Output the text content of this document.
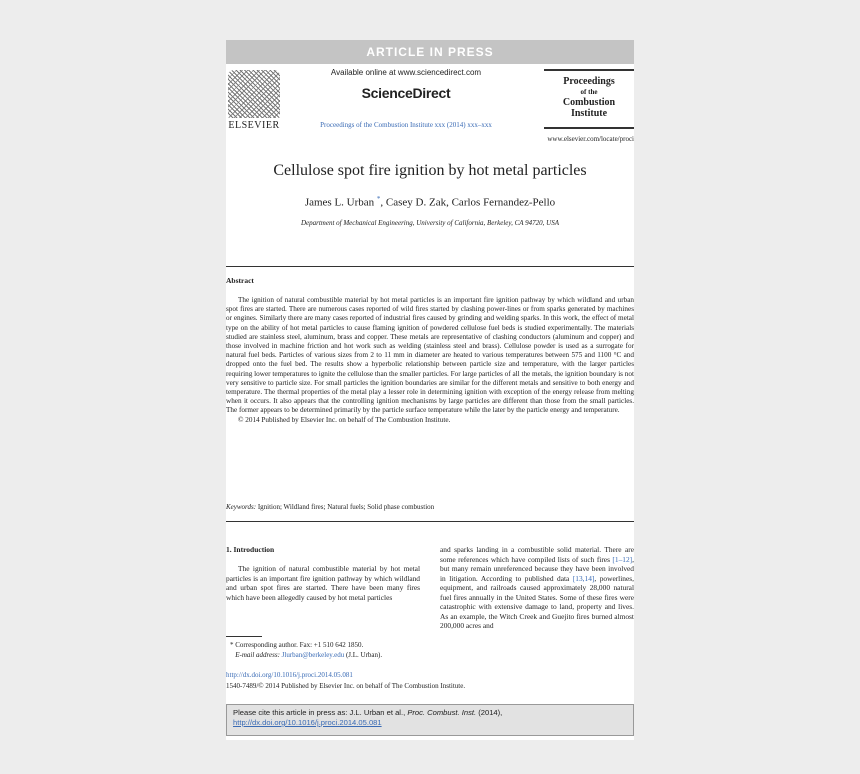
ARTICLE IN PRESS
ELSEVIER
Available online at www.sciencedirect.com
ScienceDirect
Proceedings of the Combustion Institute xxx (2014) xxx–xxx
Proceedings
of the
Combustion
Institute
www.elsevier.com/locate/proci
Cellulose spot fire ignition by hot metal particles
James L. Urban *, Casey D. Zak, Carlos Fernandez-Pello
Department of Mechanical Engineering, University of California, Berkeley, CA 94720, USA
Abstract

The ignition of natural combustible material by hot metal particles is an important fire ignition pathway by which wildland and urban spot fires are started. There are numerous cases reported of wild fires started by clashing power-lines or from sparks generated by machines or engines. Similarly there are many cases reported of industrial fires caused by grinding and welding sparks. In this work, the effect of metal type on the ability of hot metal particles to cause flaming ignition of powdered cellulose fuel beds is studied experimentally. The materials studied are stainless steel, aluminum, brass and copper. These metals are representative of clashing conductors (aluminum and copper) and those involved in machine friction and hot work such as welding (stainless steel and brass). Cellulose powder is used as a surrogate for natural fuel beds. Particles of various sizes from 2 to 11 mm in diameter are heated to various temperatures between 575 and 1100 °C and dropped onto the fuel bed. The results show a hyperbolic relationship between particle size and temperature, with the larger particles requiring lower temperatures to ignite the cellulose than the smaller particles. For large particles of all the metals, the ignition boundary is not very sensitive to particle size. For small particles the ignition boundaries are similar for the different metals and sensitive to both energy and temperature. The thermal properties of the metal play a lesser role in determining ignition with exception of the energy release from melting when it occurs. It also appears that the controlling ignition mechanisms by large particles are different than those from the small particles. The former appears to be determined primarily by the particle surface temperature while the later by the particle energy and temperature.

© 2014 Published by Elsevier Inc. on behalf of The Combustion Institute.

Keywords: Ignition; Wildland fires; Natural fuels; Solid phase combustion
1. Introduction

The ignition of natural combustible material by hot metal particles is an important fire ignition pathway by which wildland and urban spot fires are started. There have been many fires which have been allegedly caused by hot metal particles

and sparks landing in a combustible solid material. There are some references which have compiled lists of such fires [1–12], but many remain unreferenced because they have been involved in litigation. According to published data [13,14], powerlines, equipment, and railroads caused approximately 28,000 natural fuel fires annually in the United States. Some of these fires were catastrophic with extensive damage to land, property and lives. As an example, the Witch Creek and Guejito fires burned almost 200,000 acres and

* Corresponding author. Fax: +1 510 642 1850.
E-mail address: Jlurban@berkeley.edu (J.L. Urban).
http://dx.doi.org/10.1016/j.proci.2014.05.081
1540-7489/© 2014 Published by Elsevier Inc. on behalf of The Combustion Institute.
Please cite this article in press as: J.L. Urban et al., Proc. Combust. Inst. (2014), http://dx.doi.org/10.1016/j.proci.2014.05.081
